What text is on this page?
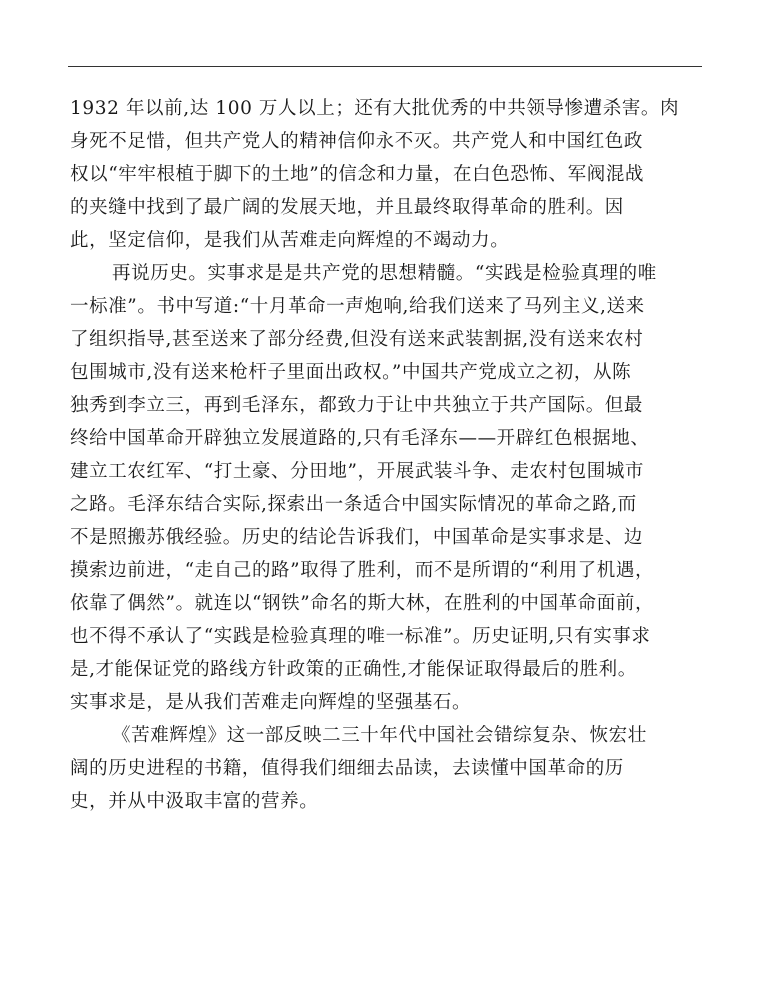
1932 年以前,达 100 万人以上；还有大批优秀的中共领导惨遭杀害。肉
身死不足惜，但共产党人的精神信仰永不灭。共产党人和中国红色政
权以“牢牢根植于脚下的土地”的信念和力量，在白色恐怖、军阀混战
的夹缝中找到了最广阔的发展天地，并且最终取得革命的胜利。因
此，坚定信仰，是我们从苦难走向辉煌的不竭动力。
再说历史。实事求是是共产党的思想精髓。“实践是检验真理的唯
一标准”。书中写道:“十月革命一声炮响,给我们送来了马列主义,送来
了组织指导,甚至送来了部分经费,但没有送来武装割据,没有送来农村
包围城市,没有送来枪杆子里面出政权。”中国共产党成立之初，从陈
独秀到李立三，再到毛泽东，都致力于让中共独立于共产国际。但最
终给中国革命开辟独立发展道路的,只有毛泽东——开辟红色根据地、
建立工农红军、“打土豪、分田地”，开展武装斗争、走农村包围城市
之路。毛泽东结合实际,探索出一条适合中国实际情况的革命之路,而
不是照搬苏俄经验。历史的结论告诉我们，中国革命是实事求是、边
摸索边前进，“走自己的路”取得了胜利，而不是所谓的“利用了机遇，
依靠了偶然”。就连以“钢铁”命名的斯大林，在胜利的中国革命面前，
也不得不承认了“实践是检验真理的唯一标准”。历史证明,只有实事求
是,才能保证党的路线方针政策的正确性,才能保证取得最后的胜利。
实事求是，是从我们苦难走向辉煌的坚强基石。
《苦难辉煌》这一部反映二三十年代中国社会错综复杂、恢宏壮
阔的历史进程的书籍，值得我们细细去品读，去读懂中国革命的历
史，并从中汲取丰富的营养。
